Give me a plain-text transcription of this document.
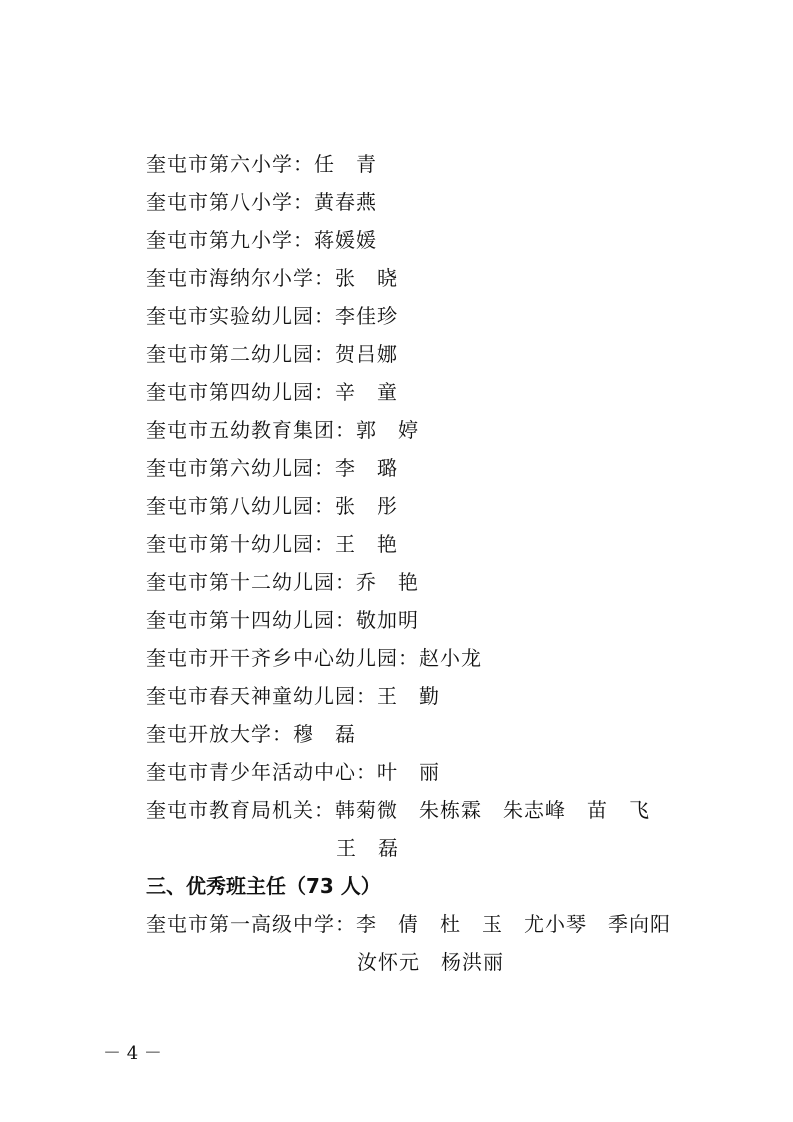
奎屯市第六小学：任　青
奎屯市第八小学：黄春燕
奎屯市第九小学：蒋媛媛
奎屯市海纳尔小学：张　晓
奎屯市实验幼儿园：李佳珍
奎屯市第二幼儿园：贺吕娜
奎屯市第四幼儿园：辛　童
奎屯市五幼教育集团：郭　婷
奎屯市第六幼儿园：李　璐
奎屯市第八幼儿园：张　彤
奎屯市第十幼儿园：王　艳
奎屯市第十二幼儿园：乔　艳
奎屯市第十四幼儿园：敬加明
奎屯市开干齐乡中心幼儿园：赵小龙
奎屯市春天神童幼儿园：王　勤
奎屯开放大学：穆　磊
奎屯市青少年活动中心：叶　丽
奎屯市教育局机关：韩菊微　朱栋霖　朱志峰　苗　飞
王　磊
三、优秀班主任（73 人）
奎屯市第一高级中学：李　倩　杜　玉　尤小琴　季向阳
汝怀元　杨洪丽
－ 4 －
